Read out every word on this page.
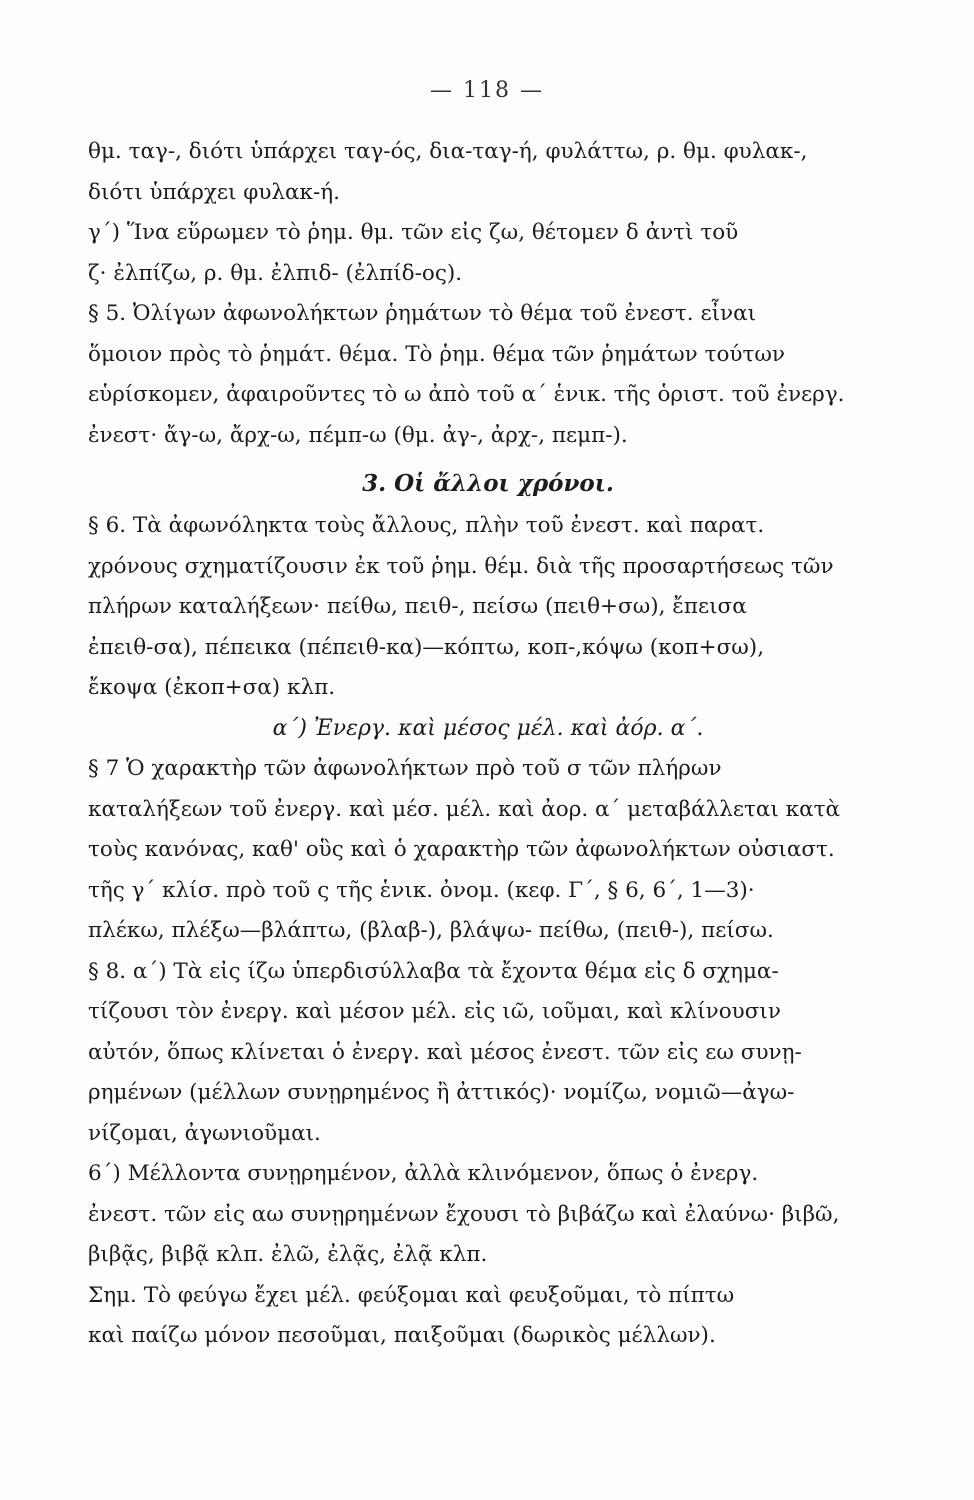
— 118 —
θμ. ταγ-, διότι ὑπάρχει ταγ-ός, δια-ταγ-ή, φυλάττω, ρ. θμ. φυλακ-,
διότι ὑπάρχει φυλακ-ή.
γ΄) Ἵνα εὕρωμεν τὸ ῥημ. θμ. τῶν εἰς ζω, θέτομεν δ ἀντὶ τοῦ
ζ· ἐλπίζω, ρ. θμ. ἐλπιδ- (ἐλπίδ-ος).
§ 5. Ὀλίγων ἀφωνολήκτων ῥημάτων τὸ θέμα τοῦ ἐνεστ. εἶναι
ὅμοιον πρὸς τὸ ῥημάτ. θέμα. Τὸ ῥημ. θέμα τῶν ῥημάτων τούτων
εὑρίσκομεν, ἀφαιροῦντες τὸ ω ἀπὸ τοῦ α΄ ἑνικ. τῆς ὁριστ. τοῦ ἐνεργ.
ἐνεστ· ἄγ-ω, ἄρχ-ω, πέμπ-ω (θμ. ἀγ-, ἀρχ-, πεμπ-).
3. Οἱ ἄλλοι χρόνοι.
§ 6. Τὰ ἀφωνόληκτα τοὺς ἄλλους, πλὴν τοῦ ἐνεστ. καὶ παρατ.
χρόνους σχηματίζουσιν ἐκ τοῦ ῥημ. θέμ. διὰ τῆς προσαρτήσεως τῶν
πλήρων καταλήξεων· πείθω, πειθ-, πείσω (πειθ+σω), ἔπεισα
ἐπειθ-σα), πέπεικα (πέπειθ-κα)—κόπτω, κοπ-,κόψω (κοπ+σω),
ἔκοψα (ἐκοπ+σα) κλπ.
α΄) Ἐνεργ. καὶ μέσος μέλ. καὶ ἀόρ. α΄.
§ 7 Ὁ χαρακτὴρ τῶν ἀφωνολήκτων πρὸ τοῦ σ τῶν πλήρων
καταλήξεων τοῦ ἐνεργ. καὶ μέσ. μέλ. καὶ ἀορ. α΄ μεταβάλλεται κατὰ
τοὺς κανόνας, καθ' οὓς καὶ ὁ χαρακτὴρ τῶν ἀφωνολήκτων οὐσιαστ.
τῆς γ΄ κλίσ. πρὸ τοῦ ς τῆς ἑνικ. ὀνομ. (κεφ. Γ΄, § 6, 6΄, 1—3)·
πλέκω, πλέξω—βλάπτω, (βλαβ-), βλάψω- πείθω, (πειθ-), πείσω.
§ 8. α΄) Τὰ εἰς ίζω ὑπερδισύλλαβα τὰ ἔχοντα θέμα εἰς δ σχημα-
τίζουσι τὸν ἐνεργ. καὶ μέσον μέλ. εἰς ιῶ, ιοῦμαι, καὶ κλίνουσιν
αὐτόν, ὅπως κλίνεται ὁ ἐνεργ. καὶ μέσος ἐνεστ. τῶν εἰς εω συνῃ-
ρημένων (μέλλων συνῃρημένος ἢ ἀττικός)· νομίζω, νομιῶ—ἀγω-
νίζομαι, ἀγωνιοῦμαι.
6΄) Μέλλοντα συνῃρημένον, ἀλλὰ κλινόμενον, ὅπως ὁ ἐνεργ.
ἐνεστ. τῶν εἰς αω συνῃρημένων ἔχουσι τὸ βιβάζω καὶ ἐλαύνω· βιβῶ,
βιβᾷς, βιβᾷ κλπ. ἐλῶ, ἐλᾷς, ἐλᾷ κλπ.
Σημ. Τὸ φεύγω ἔχει μέλ. φεύξομαι καὶ φευξοῦμαι, τὸ πίπτω
καὶ παίζω μόνον πεσοῦμαι, παιξοῦμαι (δωρικὸς μέλλων).
